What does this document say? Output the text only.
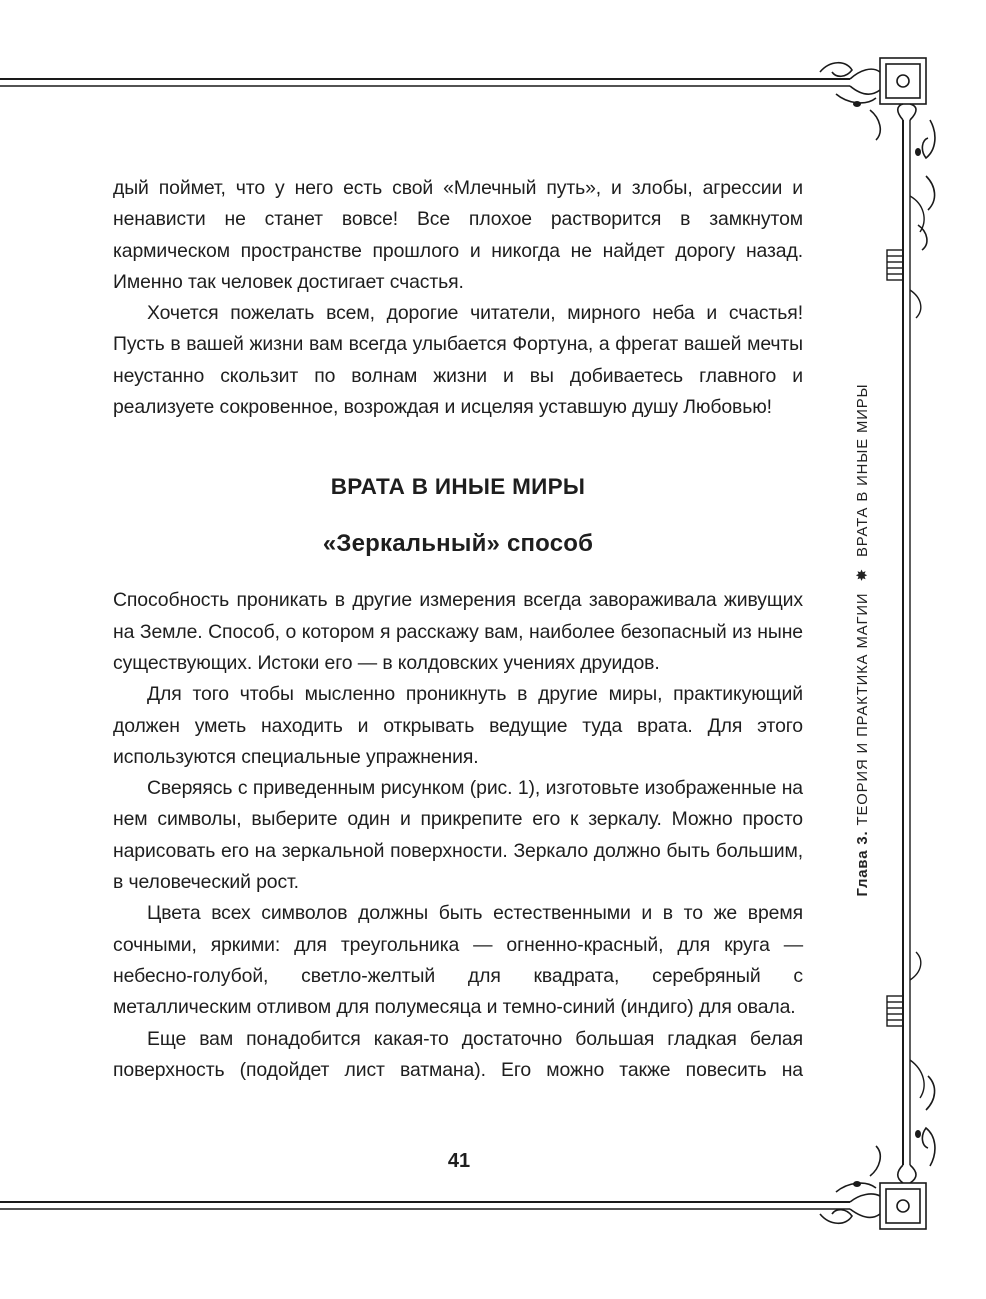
Глава 3. ТЕОРИЯ И ПРАКТИКА МАГИИ ✸ ВРАТА В ИНЫЕ МИРЫ

дый поймет, что у него есть свой «Млечный путь», и злобы, агрессии и ненависти не станет вовсе! Все плохое растворится в замкнутом кармическом пространстве прошлого и никогда не найдет дорогу назад. Именно так человек достигает счастья.

Хочется пожелать всем, дорогие читатели, мирного неба и счастья! Пусть в вашей жизни вам всегда улыбается Фортуна, а фрегат вашей мечты неустанно скользит по волнам жизни и вы добиваетесь главного и реализуете сокровенное, возрождая и исцеляя уставшую душу Любовью!

ВРАТА В ИНЫЕ МИРЫ
«Зеркальный» способ

Способность проникать в другие измерения всегда завораживала живущих на Земле. Способ, о котором я расскажу вам, наиболее безопасный из ныне существующих. Истоки его — в колдовских учениях друидов.

Для того чтобы мысленно проникнуть в другие миры, практикующий должен уметь находить и открывать ведущие туда врата. Для этого используются специальные упражнения.

Сверяясь с приведенным рисунком (рис. 1), изготовьте изображенные на нем символы, выберите один и прикрепите его к зеркалу. Можно просто нарисовать его на зеркальной поверхности. Зеркало должно быть большим, в человеческий рост.

Цвета всех символов должны быть естественными и в то же время сочными, яркими: для треугольника — огненно-красный, для круга — небесно-голубой, светло-желтый для квадрата, серебряный с металлическим отливом для полумесяца и темно-синий (индиго) для овала.

Еще вам понадобится какая-то достаточно большая гладкая белая поверхность (подойдет лист ватмана). Его можно также повесить на

41
